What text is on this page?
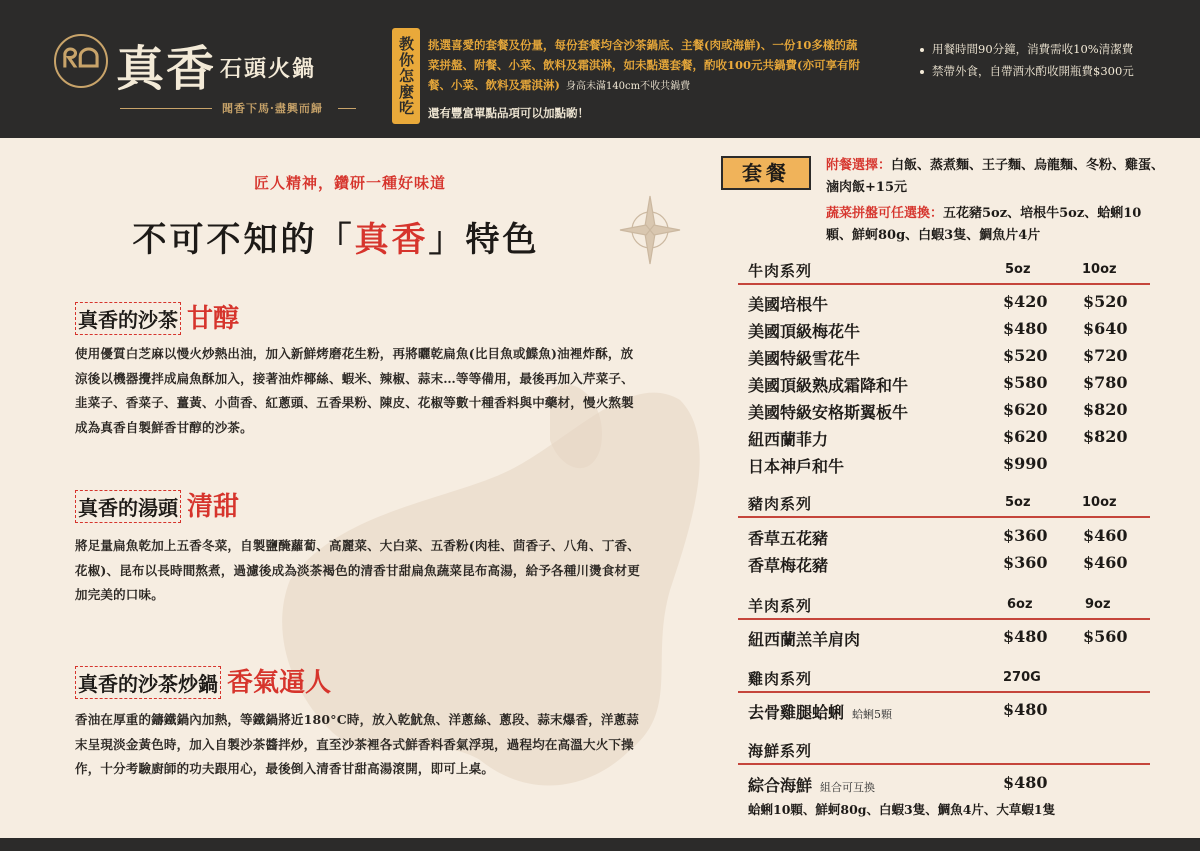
ᖇᗝ 真香 石頭火鍋
聞香下馬·盡興而歸	教你怎麼吃	挑選喜愛的套餐及份量，每份套餐均含沙茶鍋底、主餐(肉或海鮮)、一份10多樣的蔬菜拼盤、附餐、小菜、飲料及霜淇淋，如未點選套餐，酌收100元共鍋費(亦可享有附餐、小菜、飲料及霜淇淋) 身高未滿140cm不收共鍋費
還有豐富單點品項可以加點喲！
用餐時間90分鐘，消費需收10%清潔費
禁帶外食，自帶酒水酌收開瓶費$300元
匠人精神，鑽研一種好味道
不可不知的「真香」特色
真香的沙茶 甘醇
使用優質白芝麻以慢火炒熱出油，加入新鮮烤磨花生粉，再將曬乾扁魚(比目魚或鰈魚)油裡炸酥，放涼後以機器攪拌成扁魚酥加入，接著油炸椰絲、蝦米、辣椒、蒜末…等等備用，最後再加入芹菜子、韭菜子、香菜子、薑黃、小茴香、紅蔥頭、五香果粉、陳皮、花椒等數十種香料與中藥材，慢火熬製成為真香自製鮮香甘醇的沙茶。
真香的湯頭 清甜
將足量扁魚乾加上五香冬菜，自製鹽醃蘿蔔、高麗菜、大白菜、五香粉(肉桂、茴香子、八角、丁香、花椒)、昆布以長時間熬煮，過濾後成為淡茶褐色的清香甘甜扁魚蔬菜昆布高湯，給予各種川燙食材更加完美的口味。
真香的沙茶炒鍋 香氣逼人
香油在厚重的鑄鐵鍋內加熱，等鐵鍋將近180°C時，放入乾魷魚、洋蔥絲、蔥段、蒜末爆香，洋蔥蒜末呈現淡金黃色時，加入自製沙茶醬拌炒，直至沙茶裡各式鮮香料香氣浮現，過程均在高溫大火下操作，十分考驗廚師的功夫跟用心，最後倒入清香甘甜高湯滾開，即可上桌。
套餐	附餐選擇：白飯、蒸煮麵、王子麵、烏龍麵、冬粉、雞蛋、滷肉飯+15元
蔬菜拼盤可任選換：五花豬5oz、培根牛5oz、蛤蜊10顆、鮮蚵80g、白蝦3隻、鯛魚片4片
牛肉系列	5oz	10oz
美國培根牛	$420 $520
美國頂級梅花牛	$480 $640
美國特級雪花牛	$520 $720
美國頂級熟成霜降和牛	$580 $780
美國特級安格斯翼板牛	$620 $820
紐西蘭菲力	$620 $820
日本神戶和牛	$990
豬肉系列	5oz	10oz
香草五花豬	$360 $460
香草梅花豬	$360 $460
羊肉系列	6oz	9oz
紐西蘭羔羊肩肉	$480 $560
雞肉系列	270G
去骨雞腿蛤蜊 蛤蜊5顆	$480
海鮮系列
綜合海鮮 組合可互換	$480
蛤蜊10顆、鮮蚵80g、白蝦3隻、鯛魚4片、大草蝦1隻
